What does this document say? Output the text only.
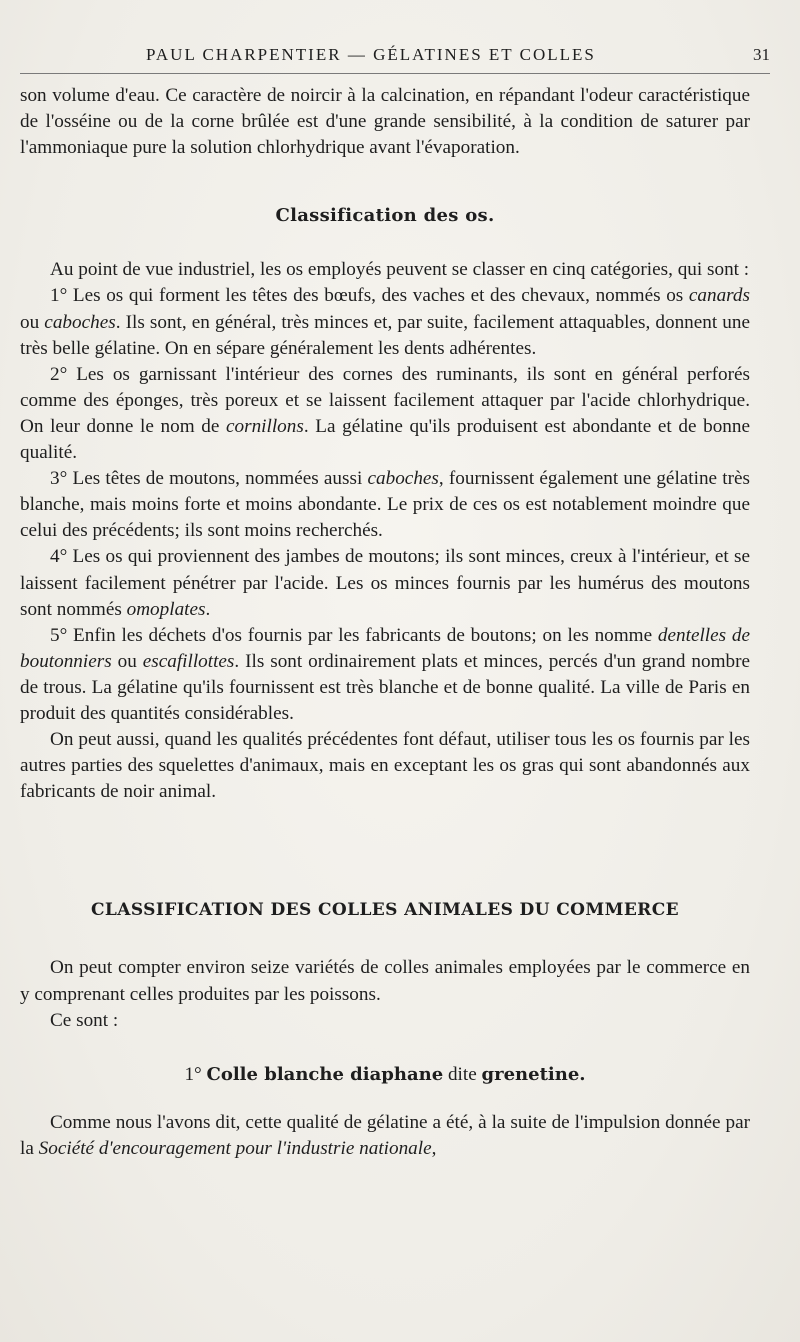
PAUL CHARPENTIER — GÉLATINES ET COLLES	31

son volume d'eau. Ce caractère de noircir à la calcination, en répandant l'odeur caractéristique de l'osséine ou de la corne brûlée est d'une grande sensibilité, à la condition de saturer par l'ammoniaque pure la solution chlorhydrique avant l'évaporation.

Classification des os.

Au point de vue industriel, les os employés peuvent se classer en cinq catégories, qui sont :

1° Les os qui forment les têtes des bœufs, des vaches et des chevaux, nommés os canards ou caboches. Ils sont, en général, très minces et, par suite, facilement attaquables, donnent une très belle gélatine. On en sépare généralement les dents adhérentes.

2° Les os garnissant l'intérieur des cornes des ruminants, ils sont en général perforés comme des éponges, très poreux et se laissent facilement attaquer par l'acide chlorhydrique. On leur donne le nom de cornillons. La gélatine qu'ils produisent est abondante et de bonne qualité.

3° Les têtes de moutons, nommées aussi caboches, fournissent également une gélatine très blanche, mais moins forte et moins abondante. Le prix de ces os est notablement moindre que celui des précédents; ils sont moins recherchés.

4° Les os qui proviennent des jambes de moutons; ils sont minces, creux à l'intérieur, et se laissent facilement pénétrer par l'acide. Les os minces fournis par les humérus des moutons sont nommés omoplates.

5° Enfin les déchets d'os fournis par les fabricants de boutons; on les nomme dentelles de boutonniers ou escafillottes. Ils sont ordinairement plats et minces, percés d'un grand nombre de trous. La gélatine qu'ils fournissent est très blanche et de bonne qualité. La ville de Paris en produit des quantités considérables.

On peut aussi, quand les qualités précédentes font défaut, utiliser tous les os fournis par les autres parties des squelettes d'animaux, mais en exceptant les os gras qui sont abandonnés aux fabricants de noir animal.

CLASSIFICATION DES COLLES ANIMALES DU COMMERCE

On peut compter environ seize variétés de colles animales employées par le commerce en y comprenant celles produites par les poissons.

Ce sont :

1° Colle blanche diaphane dite grenetine.

Comme nous l'avons dit, cette qualité de gélatine a été, à la suite de l'impulsion donnée par la Société d'encouragement pour l'industrie nationale,
